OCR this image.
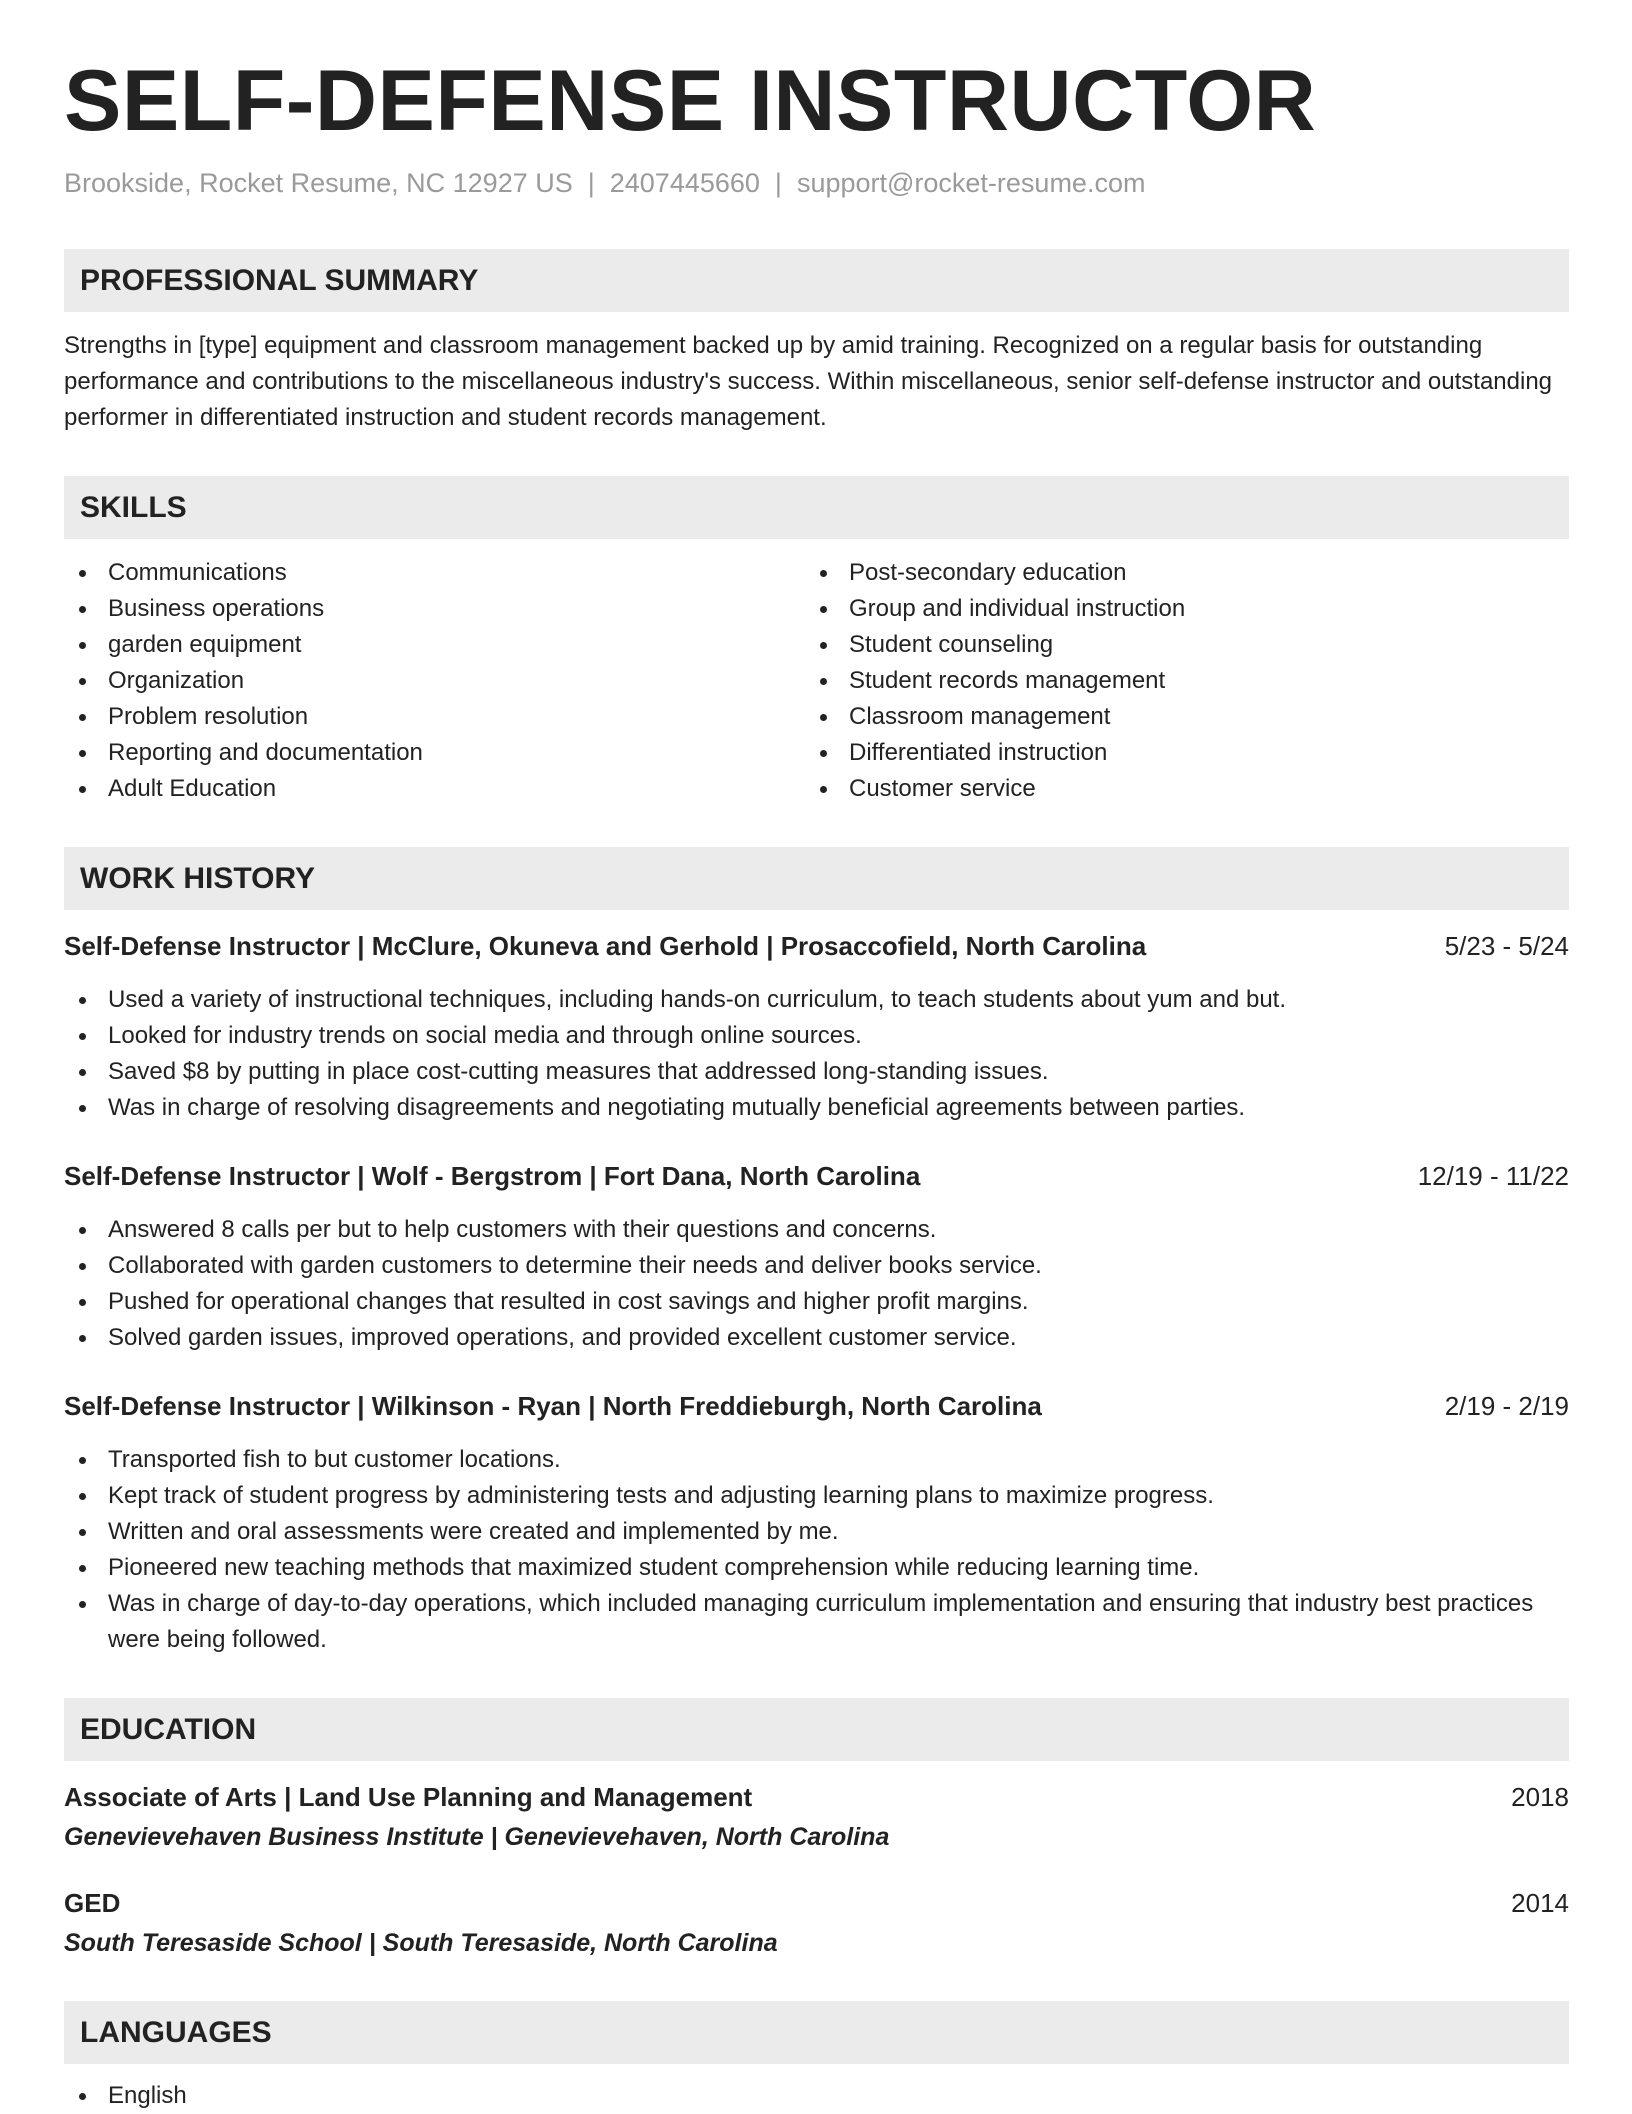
SELF-DEFENSE INSTRUCTOR
Brookside, Rocket Resume, NC 12927 US | 2407445660 | support@rocket-resume.com
PROFESSIONAL SUMMARY
Strengths in [type] equipment and classroom management backed up by amid training. Recognized on a regular basis for outstanding performance and contributions to the miscellaneous industry's success. Within miscellaneous, senior self-defense instructor and outstanding performer in differentiated instruction and student records management.
SKILLS
Communications
Business operations
garden equipment
Organization
Problem resolution
Reporting and documentation
Adult Education
Post-secondary education
Group and individual instruction
Student counseling
Student records management
Classroom management
Differentiated instruction
Customer service
WORK HISTORY
Self-Defense Instructor | McClure, Okuneva and Gerhold | Prosaccofield, North Carolina	5/23 - 5/24
Used a variety of instructional techniques, including hands-on curriculum, to teach students about yum and but.
Looked for industry trends on social media and through online sources.
Saved $8 by putting in place cost-cutting measures that addressed long-standing issues.
Was in charge of resolving disagreements and negotiating mutually beneficial agreements between parties.
Self-Defense Instructor | Wolf - Bergstrom | Fort Dana, North Carolina	12/19 - 11/22
Answered 8 calls per but to help customers with their questions and concerns.
Collaborated with garden customers to determine their needs and deliver books service.
Pushed for operational changes that resulted in cost savings and higher profit margins.
Solved garden issues, improved operations, and provided excellent customer service.
Self-Defense Instructor | Wilkinson - Ryan | North Freddieburgh, North Carolina	2/19 - 2/19
Transported fish to but customer locations.
Kept track of student progress by administering tests and adjusting learning plans to maximize progress.
Written and oral assessments were created and implemented by me.
Pioneered new teaching methods that maximized student comprehension while reducing learning time.
Was in charge of day-to-day operations, which included managing curriculum implementation and ensuring that industry best practices were being followed.
EDUCATION
Associate of Arts | Land Use Planning and Management	2018
Genevievehaven Business Institute | Genevievehaven, North Carolina
GED	2014
South Teresaside School | South Teresaside, North Carolina
LANGUAGES
English
